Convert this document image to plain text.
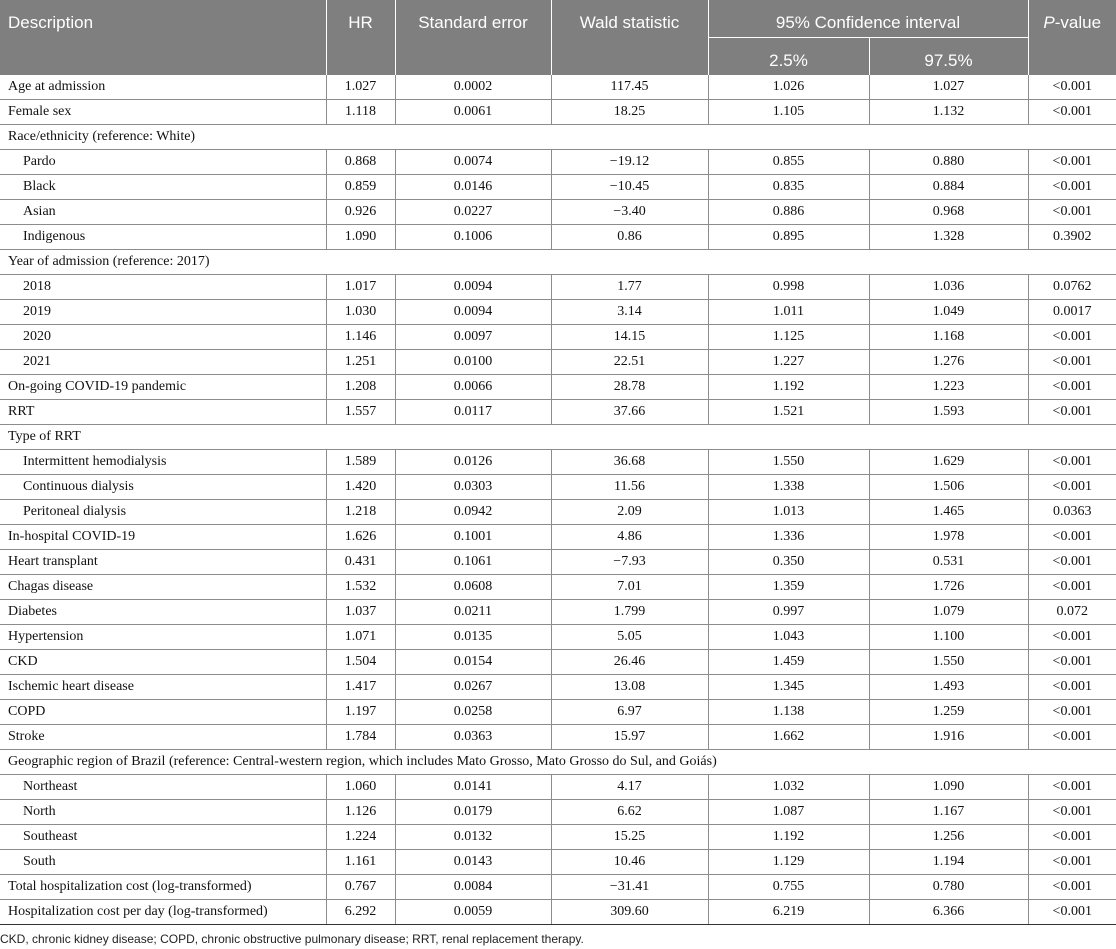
Description	HR	Standard error	Wald statistic	95% Confidence interval		P-value
				2.5%	97.5%	
Age at admission	1.027	0.0002	117.45	1.026	1.027	<0.001
Female sex	1.118	0.0061	18.25	1.105	1.132	<0.001
Race/ethnicity (reference: White)						
Pardo	0.868	0.0074	−19.12	0.855	0.880	<0.001
Black	0.859	0.0146	−10.45	0.835	0.884	<0.001
Asian	0.926	0.0227	−3.40	0.886	0.968	<0.001
Indigenous	1.090	0.1006	0.86	0.895	1.328	0.3902
Year of admission (reference: 2017)						
2018	1.017	0.0094	1.77	0.998	1.036	0.0762
2019	1.030	0.0094	3.14	1.011	1.049	0.0017
2020	1.146	0.0097	14.15	1.125	1.168	<0.001
2021	1.251	0.0100	22.51	1.227	1.276	<0.001
On-going COVID-19 pandemic	1.208	0.0066	28.78	1.192	1.223	<0.001
RRT	1.557	0.0117	37.66	1.521	1.593	<0.001
Type of RRT						
Intermittent hemodialysis	1.589	0.0126	36.68	1.550	1.629	<0.001
Continuous dialysis	1.420	0.0303	11.56	1.338	1.506	<0.001
Peritoneal dialysis	1.218	0.0942	2.09	1.013	1.465	0.0363
In-hospital COVID-19	1.626	0.1001	4.86	1.336	1.978	<0.001
Heart transplant	0.431	0.1061	−7.93	0.350	0.531	<0.001
Chagas disease	1.532	0.0608	7.01	1.359	1.726	<0.001
Diabetes	1.037	0.0211	1.799	0.997	1.079	0.072
Hypertension	1.071	0.0135	5.05	1.043	1.100	<0.001
CKD	1.504	0.0154	26.46	1.459	1.550	<0.001
Ischemic heart disease	1.417	0.0267	13.08	1.345	1.493	<0.001
COPD	1.197	0.0258	6.97	1.138	1.259	<0.001
Stroke	1.784	0.0363	15.97	1.662	1.916	<0.001
Geographic region of Brazil (reference: Central-western region, which includes Mato Grosso, Mato Grosso do Sul, and Goiás)						
Northeast	1.060	0.0141	4.17	1.032	1.090	<0.001
North	1.126	0.0179	6.62	1.087	1.167	<0.001
Southeast	1.224	0.0132	15.25	1.192	1.256	<0.001
South	1.161	0.0143	10.46	1.129	1.194	<0.001
Total hospitalization cost (log-transformed)	0.767	0.0084	−31.41	0.755	0.780	<0.001
Hospitalization cost per day (log-transformed)	6.292	0.0059	309.60	6.219	6.366	<0.001
CKD, chronic kidney disease; COPD, chronic obstructive pulmonary disease; RRT, renal replacement therapy.
